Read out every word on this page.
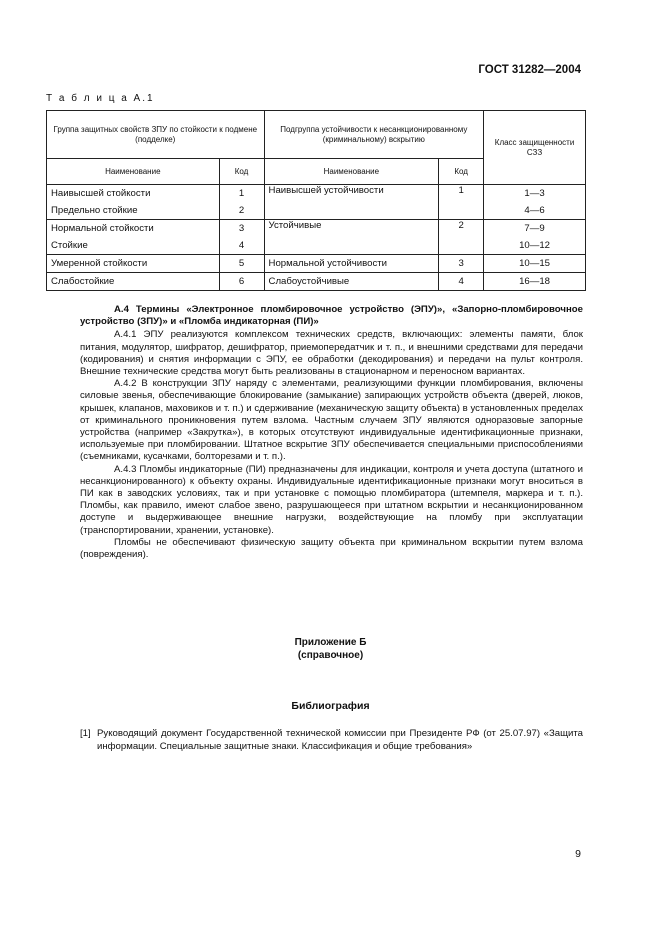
ГОСТ 31282—2004
Т а б л и ц а А.1
Группа защитных свойств ЗПУ по стойкости к подмене (подделке)		Подгруппа устойчивости к несанкционированному (криминальному) вскрытию		Класс защищенности СЗЗ
Наименование	Код	Наименование	Код	
Наивысшей стойкости	1	Наивысшей устойчивости	1	1—3
Предельно стойкие	2			4—6
Нормальной стойкости	3	Устойчивые	2	7—9
Стойкие	4			10—12
Умеренной стойкости	5	Нормальной устойчивости	3	10—15
Слабостойкие	6	Слабоустойчивые	4	16—18

А.4 Термины «Электронное пломбировочное устройство (ЭПУ)», «Запорно-пломбировочное устройство (ЗПУ)» и «Пломба индикаторная (ПИ)»

А.4.1 ЭПУ реализуются комплексом технических средств, включающих: элементы памяти, блок питания, модулятор, шифратор, дешифратор, приемопередатчик и т. п., и внешними средствами для передачи (кодирования) и снятия информации с ЭПУ, ее обработки (декодирования) и передачи на пульт контроля. Внешние технические средства могут быть реализованы в стационарном и переносном вариантах.

А.4.2 В конструкции ЗПУ наряду с элементами, реализующими функции пломбирования, включены силовые звенья, обеспечивающие блокирование (замыкание) запирающих устройств объекта (дверей, люков, крышек, клапанов, маховиков и т. п.) и сдерживание (механическую защиту объекта) в установленных пределах от криминального проникновения путем взлома. Частным случаем ЗПУ являются одноразовые запорные устройства (например «Закрутка»), в которых отсутствуют индивидуальные идентификационные признаки, используемые при пломбировании. Штатное вскрытие ЗПУ обеспечивается специальными приспособлениями (съемниками, кусачками, болторезами и т. п.).

А.4.3 Пломбы индикаторные (ПИ) предназначены для индикации, контроля и учета доступа (штатного и несанкционированного) к объекту охраны. Индивидуальные идентификационные признаки могут вноситься в ПИ как в заводских условиях, так и при установке с помощью пломбиратора (штемпеля, маркера и т. п.). Пломбы, как правило, имеют слабое звено, разрушающееся при штатном вскрытии и несанкционированном доступе и выдерживающее внешние нагрузки, воздействующие на пломбу при эксплуатации (транспортировании, хранении, установке).

Пломбы не обеспечивают физическую защиту объекта при криминальном вскрытии путем взлома (повреждения).

Приложение Б
(справочное)
Библиография
[1] Руководящий документ Государственной технической комиссии при Президенте РФ (от 25.07.97) «Защита информации. Специальные защитные знаки. Классификация и общие требования»
9
